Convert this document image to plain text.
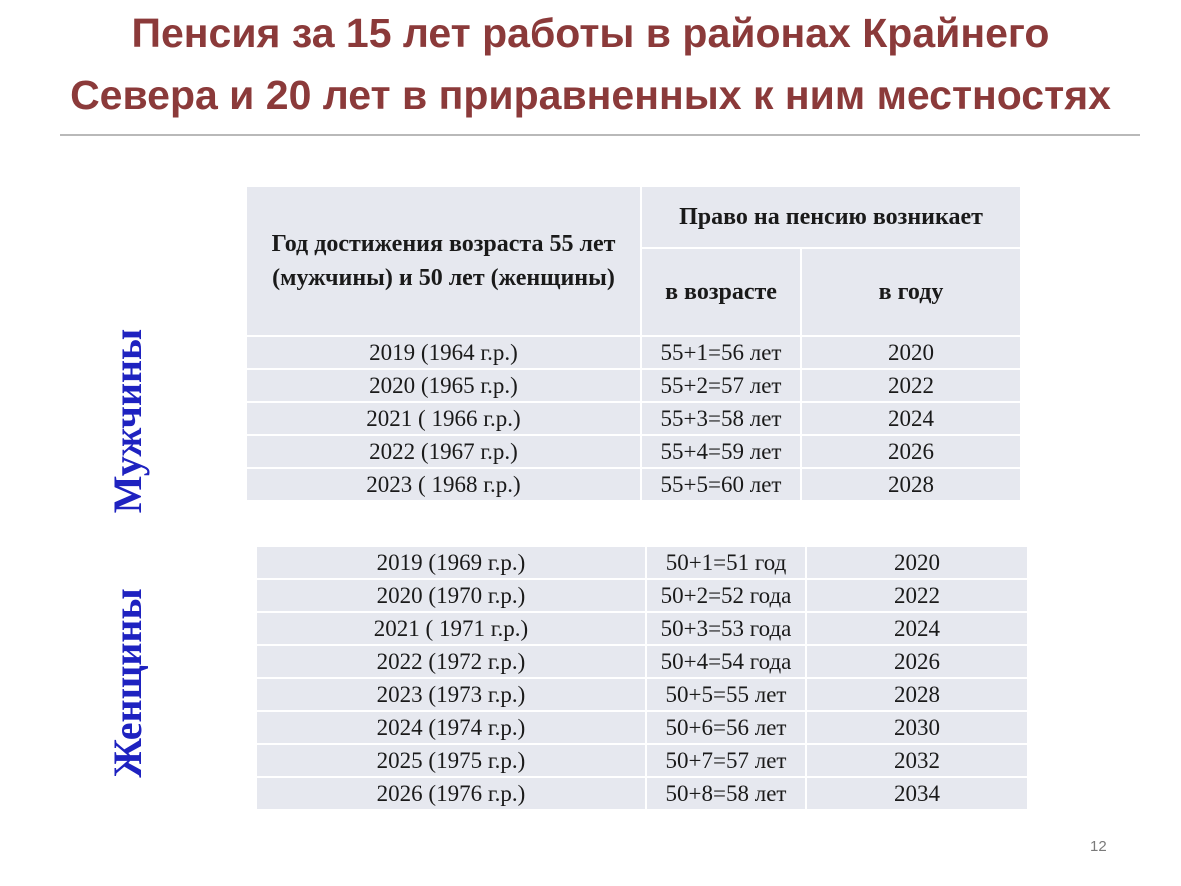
Пенсия за 15 лет работы в районах Крайнего
Севера и 20 лет в приравненных к ним местностях
Мужчины
Женщины
Год достижения возраста 55 лет (мужчины) и 50 лет (женщины)	Право на пенсию возникает	
	в возрасте	в году
2019 (1964 г.р.)	55+1=56 лет	2020
2020 (1965 г.р.)	55+2=57 лет	2022
2021 ( 1966 г.р.)	55+3=58 лет	2024
2022 (1967 г.р.)	55+4=59 лет	2026
2023 ( 1968 г.р.)	55+5=60 лет	2028
2019 (1969 г.р.)	50+1=51 год	2020
2020 (1970 г.р.)	50+2=52 года	2022
2021 ( 1971 г.р.)	50+3=53 года	2024
2022 (1972 г.р.)	50+4=54 года	2026
2023 (1973 г.р.)	50+5=55 лет	2028
2024 (1974 г.р.)	50+6=56 лет	2030
2025 (1975 г.р.)	50+7=57 лет	2032
2026 (1976 г.р.)	50+8=58 лет	2034
12
